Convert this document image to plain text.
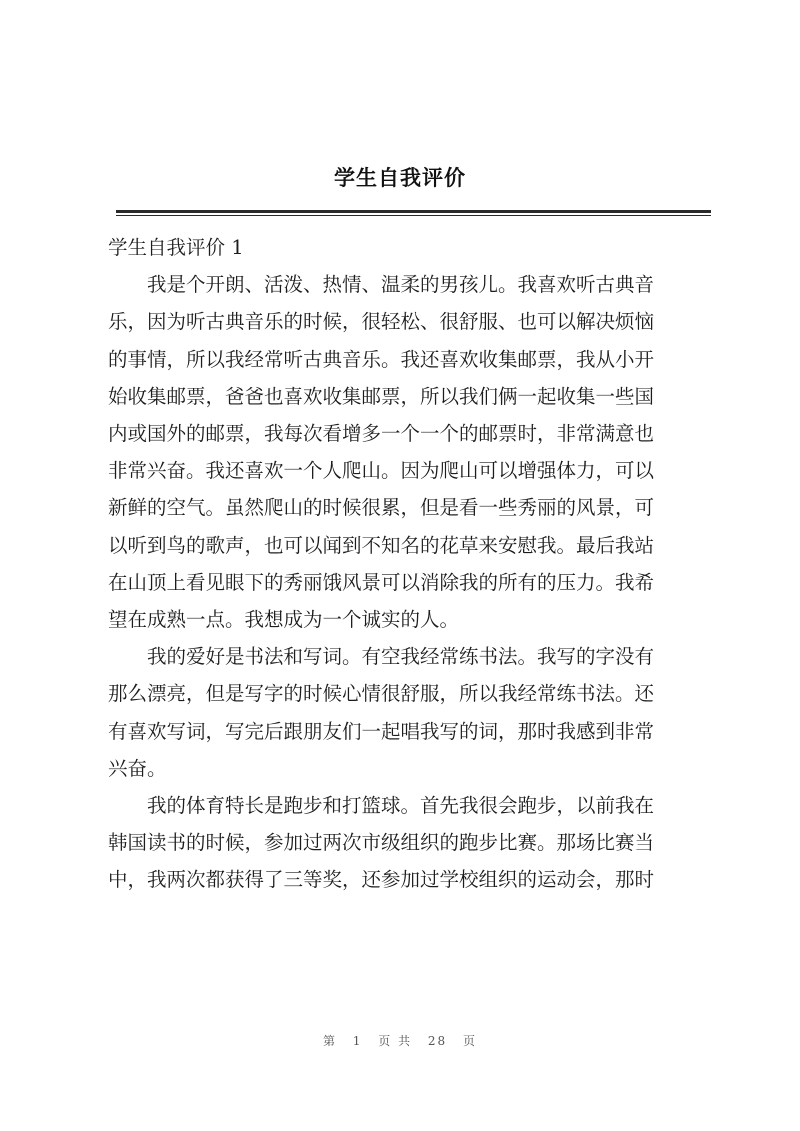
学生自我评价
学生自我评价 1
我是个开朗、活泼、热情、温柔的男孩儿。我喜欢听古典音
乐，因为听古典音乐的时候，很轻松、很舒服、也可以解决烦恼
的事情，所以我经常听古典音乐。我还喜欢收集邮票，我从小开
始收集邮票，爸爸也喜欢收集邮票，所以我们俩一起收集一些国
内或国外的邮票，我每次看增多一个一个的邮票时，非常满意也
非常兴奋。我还喜欢一个人爬山。因为爬山可以增强体力，可以
新鲜的空气。虽然爬山的时候很累，但是看一些秀丽的风景，可
以听到鸟的歌声，也可以闻到不知名的花草来安慰我。最后我站
在山顶上看见眼下的秀丽饿风景可以消除我的所有的压力。我希
望在成熟一点。我想成为一个诚实的人。
我的爱好是书法和写词。有空我经常练书法。我写的字没有
那么漂亮，但是写字的时候心情很舒服，所以我经常练书法。还
有喜欢写词，写完后跟朋友们一起唱我写的词，那时我感到非常
兴奋。
我的体育特长是跑步和打篮球。首先我很会跑步，以前我在
韩国读书的时候，参加过两次市级组织的跑步比赛。那场比赛当
中，我两次都获得了三等奖，还参加过学校组织的运动会，那时
第 1 页 共 28 页
